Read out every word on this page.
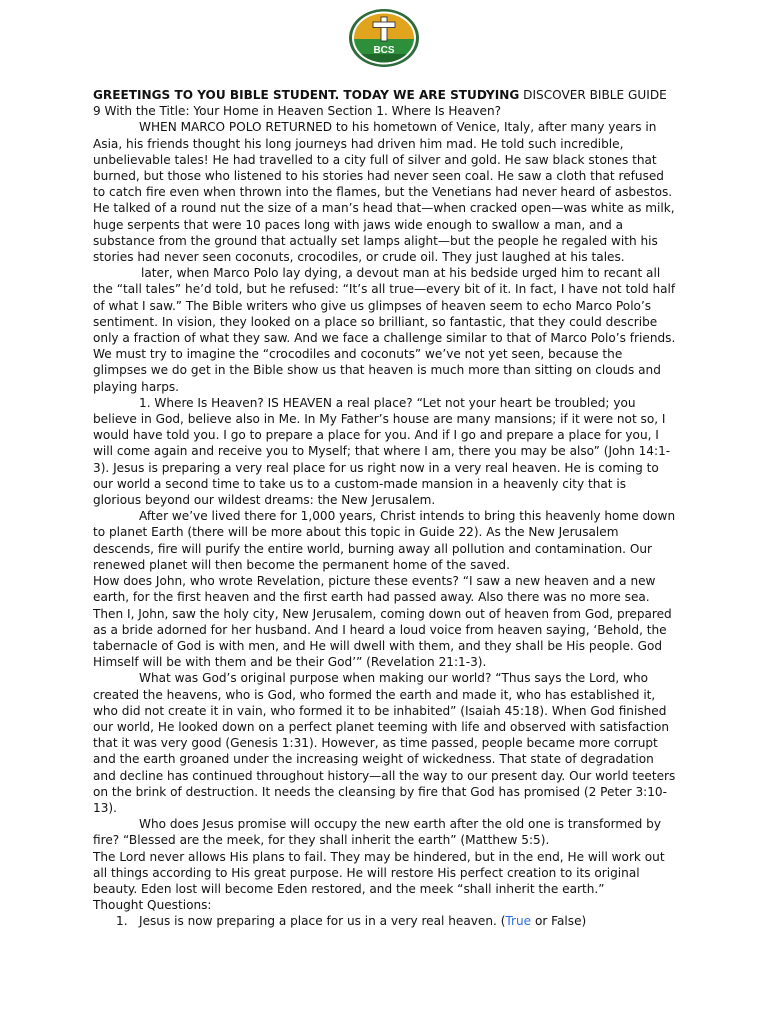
BCS

GREETINGS TO YOU BIBLE STUDENT. TODAY WE ARE STUDYING DISCOVER BIBLE GUIDE 9 With the Title: Your Home in Heaven Section 1. Where Is Heaven?

WHEN MARCO POLO RETURNED to his hometown of Venice, Italy, after many years in Asia, his friends thought his long journeys had driven him mad. He told such incredible, unbelievable tales! He had travelled to a city full of silver and gold. He saw black stones that burned, but those who listened to his stories had never seen coal. He saw a cloth that refused to catch fire even when thrown into the flames, but the Venetians had never heard of asbestos. He talked of a round nut the size of a man’s head that—when cracked open—was white as milk, huge serpents that were 10 paces long with jaws wide enough to swallow a man, and a substance from the ground that actually set lamps alight—but the people he regaled with his stories had never seen coconuts, crocodiles, or crude oil. They just laughed at his tales.

later, when Marco Polo lay dying, a devout man at his bedside urged him to recant all the “tall tales” he’d told, but he refused: “It’s all true—every bit of it. In fact, I have not told half of what I saw.” The Bible writers who give us glimpses of heaven seem to echo Marco Polo’s sentiment. In vision, they looked on a place so brilliant, so fantastic, that they could describe only a fraction of what they saw. And we face a challenge similar to that of Marco Polo’s friends. We must try to imagine the “crocodiles and coconuts” we’ve not yet seen, because the glimpses we do get in the Bible show us that heaven is much more than sitting on clouds and playing harps.

1. Where Is Heaven? IS HEAVEN a real place? “Let not your heart be troubled; you believe in God, believe also in Me. In My Father’s house are many mansions; if it were not so, I would have told you. I go to prepare a place for you. And if I go and prepare a place for you, I will come again and receive you to Myself; that where I am, there you may be also” (John 14:1-3). Jesus is preparing a very real place for us right now in a very real heaven. He is coming to our world a second time to take us to a custom-made mansion in a heavenly city that is glorious beyond our wildest dreams: the New Jerusalem.

After we’ve lived there for 1,000 years, Christ intends to bring this heavenly home down to planet Earth (there will be more about this topic in Guide 22). As the New Jerusalem descends, fire will purify the entire world, burning away all pollution and contamination. Our renewed planet will then become the permanent home of the saved.

How does John, who wrote Revelation, picture these events? “I saw a new heaven and a new earth, for the first heaven and the first earth had passed away. Also there was no more sea. Then I, John, saw the holy city, New Jerusalem, coming down out of heaven from God, prepared as a bride adorned for her husband. And I heard a loud voice from heaven saying, ‘Behold, the tabernacle of God is with men, and He will dwell with them, and they shall be His people. God Himself will be with them and be their God’” (Revelation 21:1-3).

What was God’s original purpose when making our world? “Thus says the Lord, who created the heavens, who is God, who formed the earth and made it, who has established it, who did not create it in vain, who formed it to be inhabited” (Isaiah 45:18). When God finished our world, He looked down on a perfect planet teeming with life and observed with satisfaction that it was very good (Genesis 1:31). However, as time passed, people became more corrupt and the earth groaned under the increasing weight of wickedness. That state of degradation and decline has continued throughout history—all the way to our present day. Our world teeters on the brink of destruction. It needs the cleansing by fire that God has promised (2 Peter 3:10-13).

Who does Jesus promise will occupy the new earth after the old one is transformed by fire? “Blessed are the meek, for they shall inherit the earth” (Matthew 5:5).

The Lord never allows His plans to fail. They may be hindered, but in the end, He will work out all things according to His great purpose. He will restore His perfect creation to its original beauty. Eden lost will become Eden restored, and the meek “shall inherit the earth.”

Thought Questions:

1. Jesus is now preparing a place for us in a very real heaven. (True or False)
